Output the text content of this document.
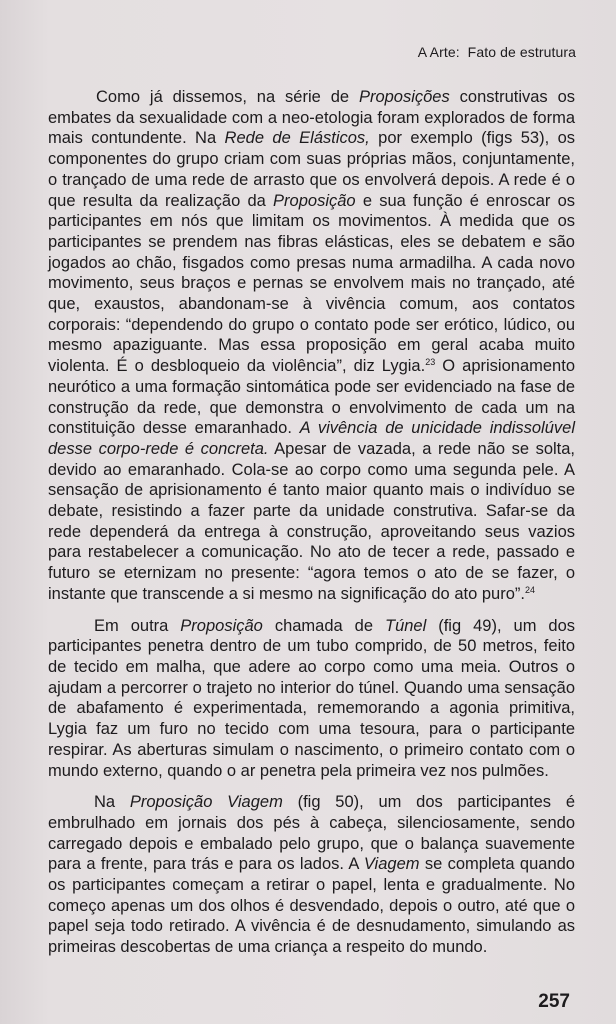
A Arte:  Fato de estrutura

Como já dissemos, na série de Proposições construtivas os embates da sexualidade com a neo-etologia foram explorados de forma mais contundente. Na Rede de Elásticos, por exemplo (figs 53), os componentes do grupo criam com suas próprias mãos, conjuntamente, o trançado de uma rede de arrasto que os envolverá depois. A rede é o que resulta da realização da Proposição e sua função é enroscar os participantes em nós que limitam os movimentos. À medida que os participantes se prendem nas fibras elásticas, eles se debatem e são jogados ao chão, fisgados como presas numa armadilha. A cada novo movimento, seus braços e pernas se envolvem mais no trançado, até que, exaustos, abandonam-se à vivência comum, aos contatos corporais: “dependendo do grupo o contato pode ser erótico, lúdico, ou mesmo apaziguante. Mas essa proposição em geral acaba muito violenta. É o desbloqueio da violência”, diz Lygia.$^{23}$ O aprisionamento neurótico a uma formação sintomática pode ser evidenciado na fase de construção da rede, que demonstra o envolvimento de cada um na constituição desse emaranhado. A vivência de unicidade indissolúvel desse corpo-rede é concreta. Apesar de vazada, a rede não se solta, devido ao emaranhado. Cola-se ao corpo como uma segunda pele. A sensação de aprisionamento é tanto maior quanto mais o indivíduo se debate, resistindo a fazer parte da unidade construtiva. Safar-se da rede dependerá da entrega à construção, aproveitando seus vazios para restabelecer a comunicação. No ato de tecer a rede, passado e futuro se eternizam no presente: “agora temos o ato de se fazer, o instante que transcende a si mesmo na significação do ato puro”.$^{24}$

Em outra Proposição chamada de Túnel (fig 49), um dos participantes penetra dentro de um tubo comprido, de 50 metros, feito de tecido em malha, que adere ao corpo como uma meia. Outros o ajudam a percorrer o trajeto no interior do túnel. Quando uma sensação de abafamento é experimentada, rememorando a agonia primitiva, Lygia faz um furo no tecido com uma tesoura, para o participante respirar. As aberturas simulam o nascimento, o primeiro contato com o mundo externo, quando o ar penetra pela primeira vez nos pulmões.

Na Proposição Viagem (fig 50), um dos participantes é embrulhado em jornais dos pés à cabeça, silenciosamente, sendo carregado depois e embalado pelo grupo, que o balança suavemente para a frente, para trás e para os lados. A Viagem se completa quando os participantes começam a retirar o papel, lenta e gradualmente. No começo apenas um dos olhos é desvendado, depois o outro, até que o papel seja todo retirado. A vivência é de desnudamento, simulando as primeiras descobertas de uma criança a respeito do mundo.

257
